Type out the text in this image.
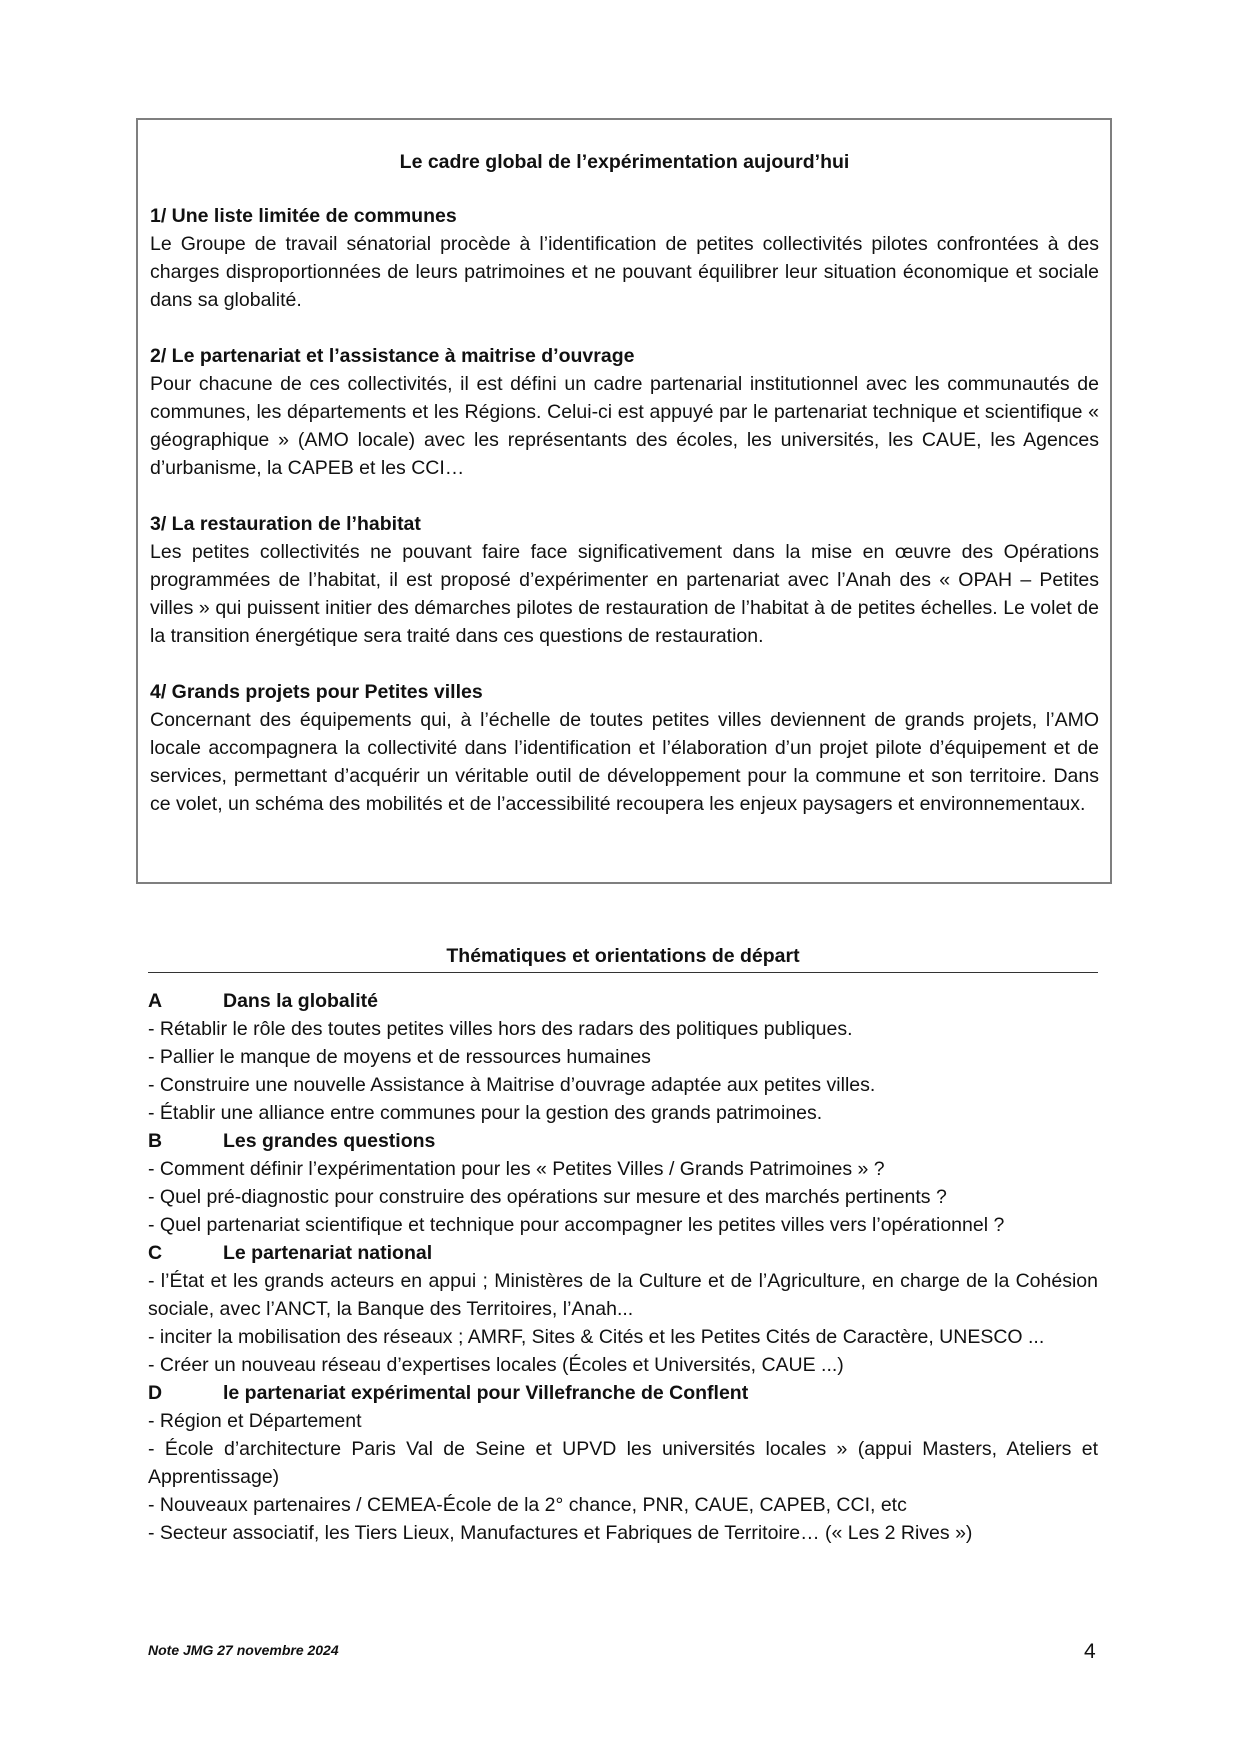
Le cadre global de l’expérimentation aujourd’hui
1/ Une liste limitée de communes
Le Groupe de travail sénatorial procède à l’identification de petites collectivités pilotes confrontées à des charges disproportionnées de leurs patrimoines et ne pouvant équilibrer leur situation économique et sociale dans sa globalité.
2/ Le partenariat et l’assistance à maitrise d’ouvrage
Pour chacune de ces collectivités, il est défini un cadre partenarial institutionnel avec les communautés de communes, les départements et les Régions. Celui-ci est appuyé par le partenariat technique et scientifique « géographique » (AMO locale) avec les représentants des écoles, les universités, les CAUE, les Agences d’urbanisme, la CAPEB et les CCI…
3/ La restauration de l’habitat
Les petites collectivités ne pouvant faire face significativement dans la mise en œuvre des Opérations programmées de l’habitat, il est proposé d’expérimenter en partenariat avec l’Anah des « OPAH – Petites villes » qui puissent initier des démarches pilotes de restauration de l’habitat à de petites échelles. Le volet de la transition énergétique sera traité dans ces questions de restauration.
4/ Grands projets pour Petites villes
Concernant des équipements qui, à l’échelle de toutes petites villes deviennent de grands projets, l’AMO locale accompagnera la collectivité dans l’identification et l’élaboration d’un projet pilote d’équipement et de services, permettant d’acquérir un véritable outil de développement pour la commune et son territoire. Dans ce volet, un schéma des mobilités et de l’accessibilité recoupera les enjeux paysagers et environnementaux.
Thématiques et orientations de départ
A	Dans la globalité
- Rétablir le rôle des toutes petites villes hors des radars des politiques publiques.
- Pallier le manque de moyens et de ressources humaines
- Construire une nouvelle Assistance à Maitrise d’ouvrage adaptée aux petites villes.
- Établir une alliance entre communes pour la gestion des grands patrimoines.
B	Les grandes questions
- Comment définir l’expérimentation pour les « Petites Villes / Grands Patrimoines » ?
- Quel pré-diagnostic pour construire des opérations sur mesure et des marchés pertinents ?
- Quel partenariat scientifique et technique pour accompagner les petites villes vers l’opérationnel ?
C	Le partenariat national
- l’État et les grands acteurs en appui ; Ministères de la Culture et de l’Agriculture, en charge de la Cohésion sociale, avec l’ANCT, la Banque des Territoires, l’Anah...
- inciter la mobilisation des réseaux ; AMRF, Sites & Cités et les Petites Cités de Caractère, UNESCO ...
- Créer un nouveau réseau d’expertises locales (Écoles et Universités, CAUE ...)
D	le partenariat expérimental pour Villefranche de Conflent
- Région et Département
- École d’architecture Paris Val de Seine et UPVD les universités locales » (appui Masters, Ateliers et Apprentissage)
- Nouveaux partenaires / CEMEA-École de la 2° chance, PNR, CAUE, CAPEB, CCI, etc
- Secteur associatif, les Tiers Lieux, Manufactures et Fabriques de Territoire… (« Les 2 Rives »)
Note JMG 27 novembre 2024	4
